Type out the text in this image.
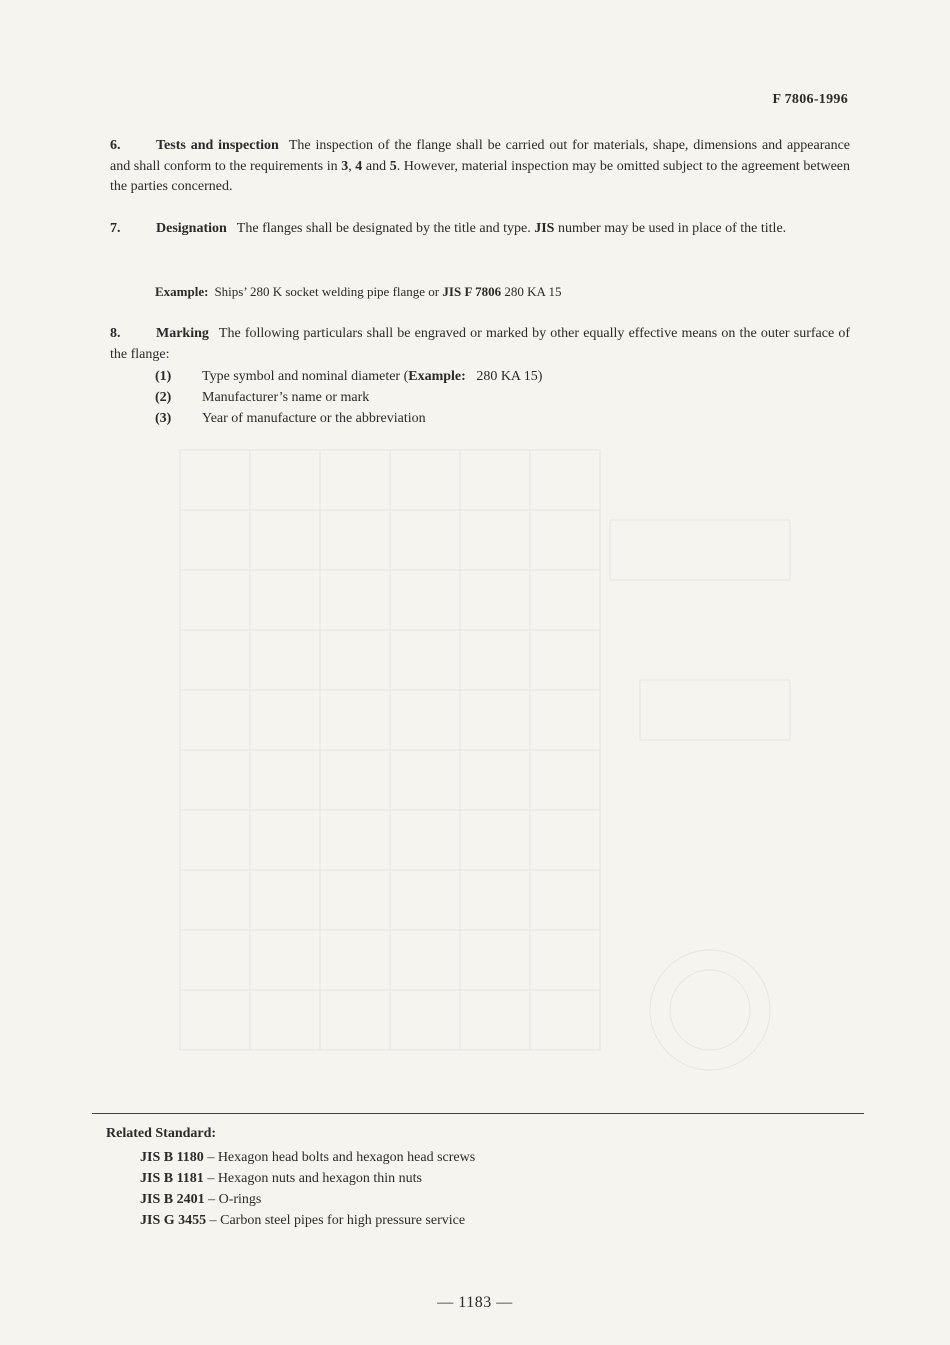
F 7806-1996
6.	Tests and inspection The inspection of the flange shall be carried out for materials, shape, dimensions and appearance and shall conform to the requirements in 3, 4 and 5. However, material inspection may be omitted subject to the agreement between the parties concerned.
7.	Designation The flanges shall be designated by the title and type. JIS number may be used in place of the title.
Example: Ships’ 280 K socket welding pipe flange or JIS F 7806 280 KA 15
8.	Marking The following particulars shall be engraved or marked by other equally effective means on the outer surface of the flange:
(1) Type symbol and nominal diameter (Example: 280 KA 15)
(2) Manufacturer’s name or mark
(3) Year of manufacture or the abbreviation
Related Standard:
JIS B 1180 – Hexagon head bolts and hexagon head screws
JIS B 1181 – Hexagon nuts and hexagon thin nuts
JIS B 2401 – O-rings
JIS G 3455 – Carbon steel pipes for high pressure service
— 1183 —
